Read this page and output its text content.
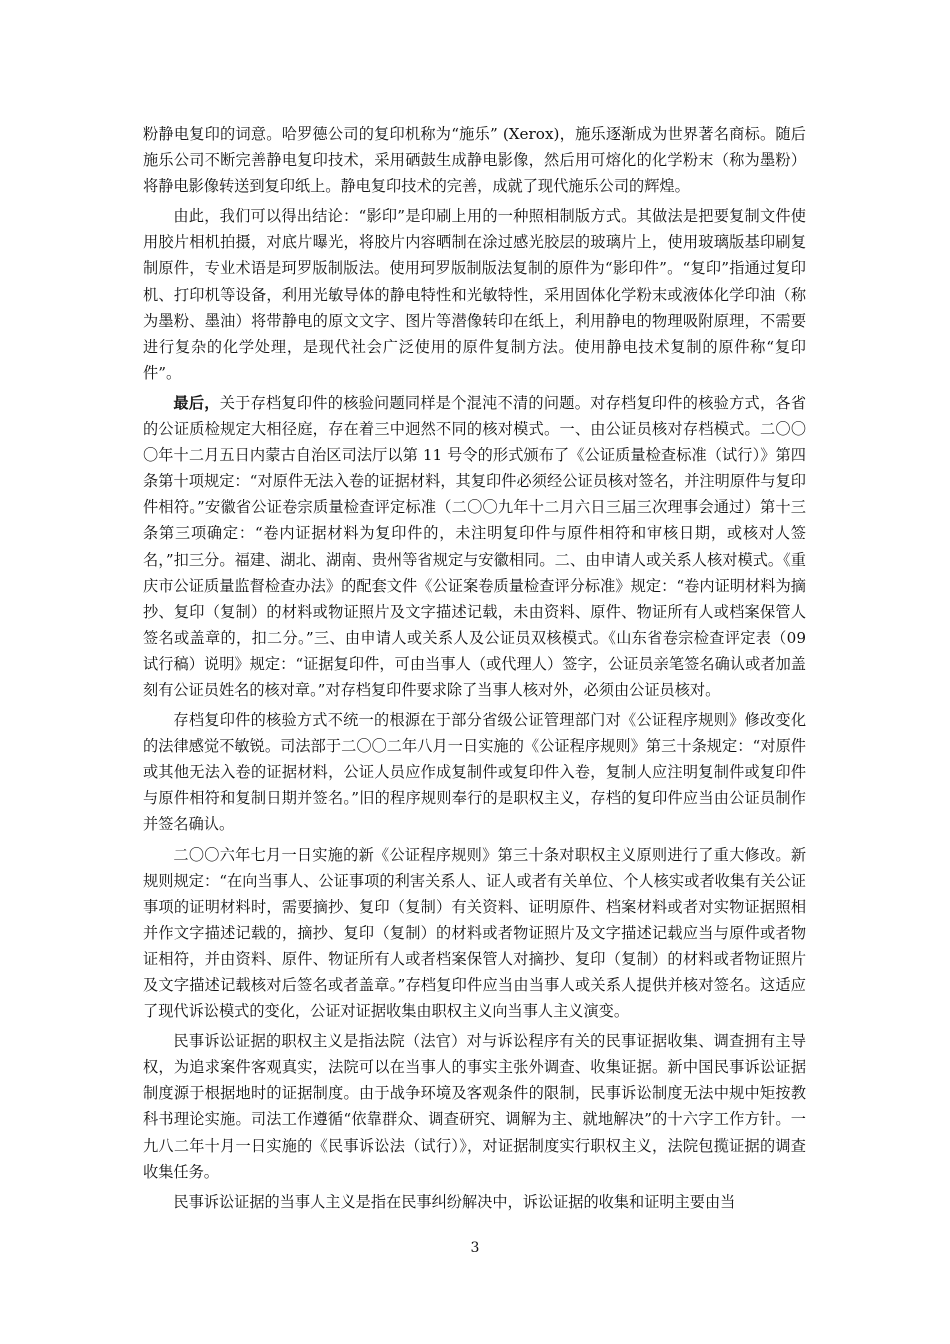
粉静电复印的词意。哈罗德公司的复印机称为“施乐” (Xerox)，施乐逐渐成为世界著名商标。随后施乐公司不断完善静电复印技术，采用硒鼓生成静电影像，然后用可熔化的化学粉末（称为墨粉）将静电影像转送到复印纸上。静电复印技术的完善，成就了现代施乐公司的辉煌。

由此，我们可以得出结论：“影印”是印刷上用的一种照相制版方式。其做法是把要复制文件使用胶片相机拍摄，对底片曝光，将胶片内容晒制在涂过感光胶层的玻璃片上，使用玻璃版基印刷复制原件，专业术语是珂罗版制版法。使用珂罗版制版法复制的原件为“影印件”。“复印”指通过复印机、打印机等设备，利用光敏导体的静电特性和光敏特性，采用固体化学粉末或液体化学印油（称为墨粉、墨油）将带静电的原文文字、图片等潜像转印在纸上，利用静电的物理吸附原理，不需要进行复杂的化学处理，是现代社会广泛使用的原件复制方法。使用静电技术复制的原件称“复印件”。

最后，关于存档复印件的核验问题同样是个混沌不清的问题。对存档复印件的核验方式，各省的公证质检规定大相径庭，存在着三中迥然不同的核对模式。一、由公证员核对存档模式。二〇〇〇年十二月五日内蒙古自治区司法厅以第 11 号令的形式颁布了《公证质量检查标准（试行）》第四条第十项规定：“对原件无法入卷的证据材料，其复印件必须经公证员核对签名，并注明原件与复印件相符。”安徽省公证卷宗质量检查评定标准（二〇〇九年十二月六日三届三次理事会通过）第十三条第三项确定：“卷内证据材料为复印件的，未注明复印件与原件相符和审核日期，或核对人签名，”扣三分。福建、湖北、湖南、贵州等省规定与安徽相同。二、由申请人或关系人核对模式。《重庆市公证质量监督检查办法》的配套文件《公证案卷质量检查评分标准》规定：“卷内证明材料为摘抄、复印（复制）的材料或物证照片及文字描述记载，未由资料、原件、物证所有人或档案保管人签名或盖章的，扣二分。”三、由申请人或关系人及公证员双核模式。《山东省卷宗检查评定表（09 试行稿）说明》规定：“证据复印件，可由当事人（或代理人）签字，公证员亲笔签名确认或者加盖刻有公证员姓名的核对章。”对存档复印件要求除了当事人核对外，必须由公证员核对。

存档复印件的核验方式不统一的根源在于部分省级公证管理部门对《公证程序规则》修改变化的法律感觉不敏锐。司法部于二〇〇二年八月一日实施的《公证程序规则》第三十条规定：“对原件或其他无法入卷的证据材料，公证人员应作成复制件或复印件入卷，复制人应注明复制件或复印件与原件相符和复制日期并签名。”旧的程序规则奉行的是职权主义，存档的复印件应当由公证员制作并签名确认。

二〇〇六年七月一日实施的新《公证程序规则》第三十条对职权主义原则进行了重大修改。新规则规定：“在向当事人、公证事项的利害关系人、证人或者有关单位、个人核实或者收集有关公证事项的证明材料时，需要摘抄、复印（复制）有关资料、证明原件、档案材料或者对实物证据照相并作文字描述记载的，摘抄、复印（复制）的材料或者物证照片及文字描述记载应当与原件或者物证相符，并由资料、原件、物证所有人或者档案保管人对摘抄、复印（复制）的材料或者物证照片及文字描述记载核对后签名或者盖章。”存档复印件应当由当事人或关系人提供并核对签名。这适应了现代诉讼模式的变化，公证对证据收集由职权主义向当事人主义演变。

民事诉讼证据的职权主义是指法院（法官）对与诉讼程序有关的民事证据收集、调查拥有主导权，为追求案件客观真实，法院可以在当事人的事实主张外调查、收集证据。新中国民事诉讼证据制度源于根据地时的证据制度。由于战争环境及客观条件的限制，民事诉讼制度无法中规中矩按教科书理论实施。司法工作遵循“依靠群众、调查研究、调解为主、就地解决”的十六字工作方针。一九八二年十月一日实施的《民事诉讼法（试行）》，对证据制度实行职权主义，法院包揽证据的调查收集任务。

民事诉讼证据的当事人主义是指在民事纠纷解决中，诉讼证据的收集和证明主要由当

3
